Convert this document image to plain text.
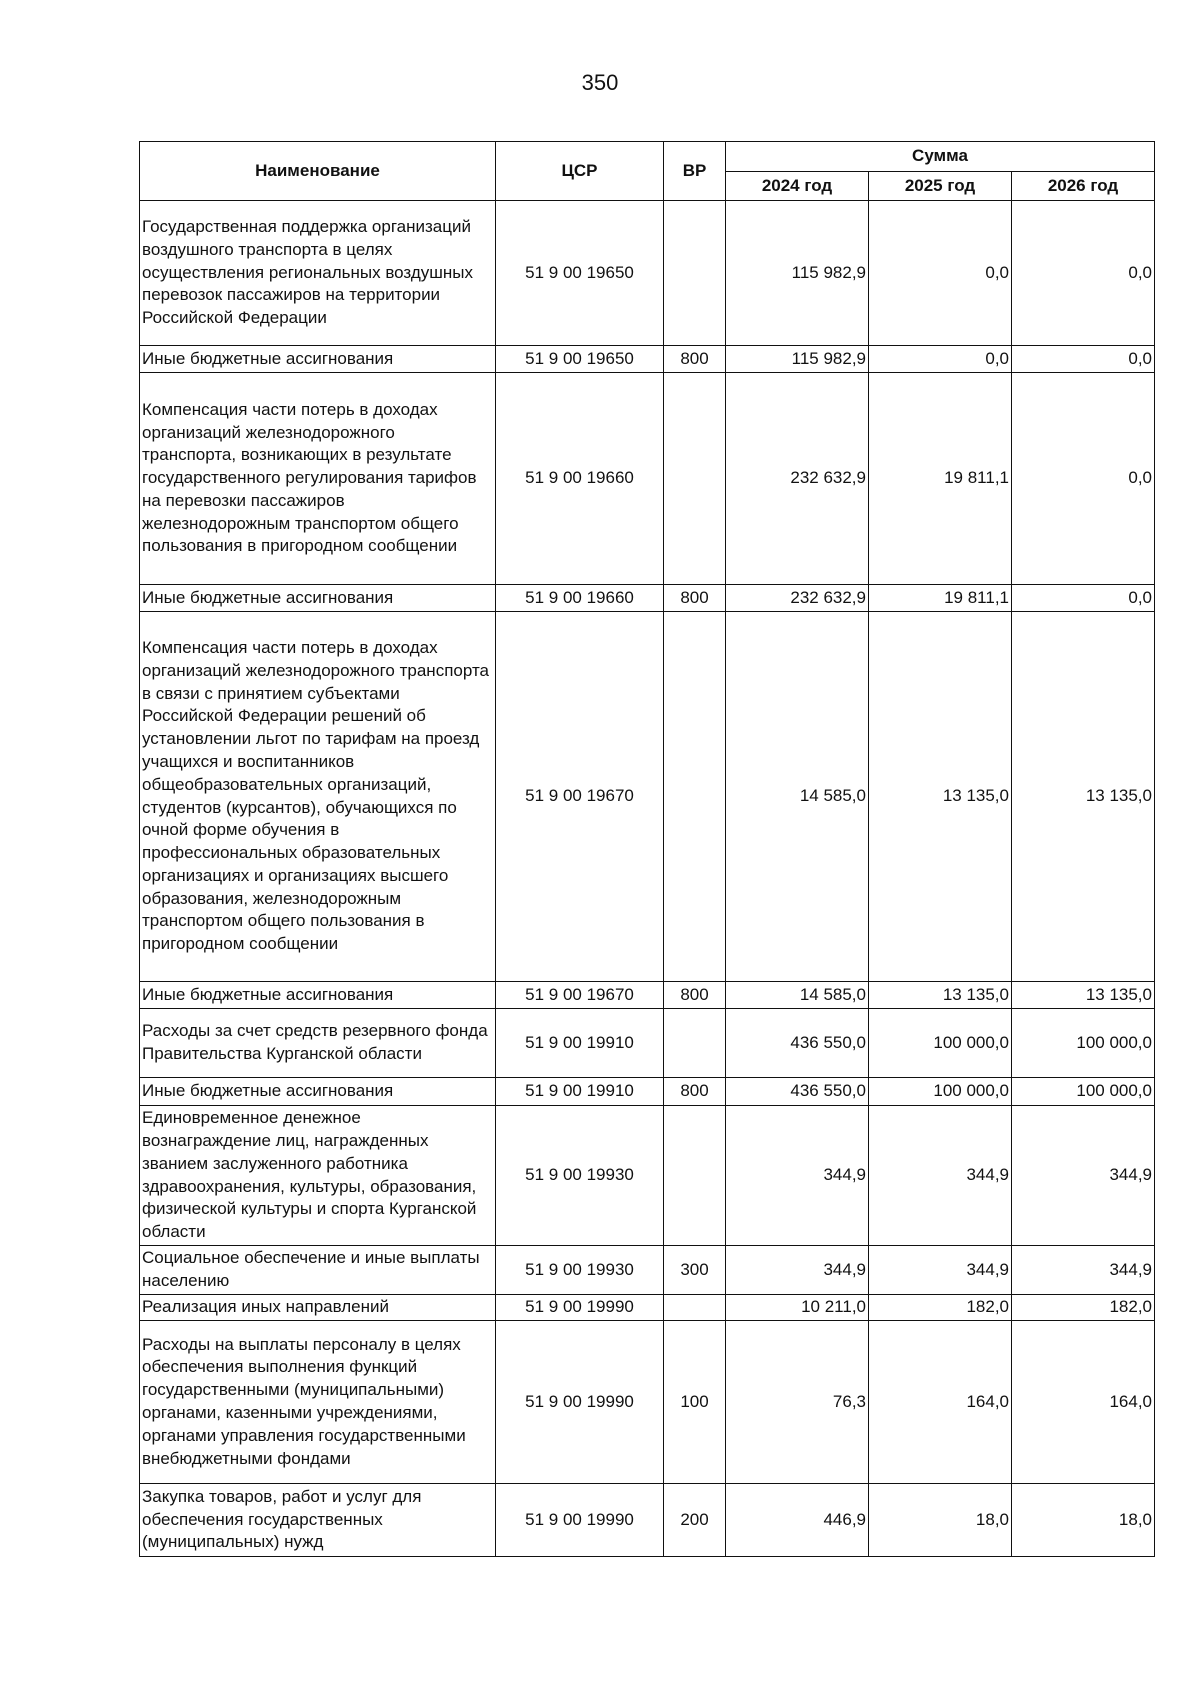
350
Наименование	ЦСР	ВР	Сумма		
			2024 год	2025 год	2026 год
Государственная поддержка организаций воздушного транспорта в целях осуществления региональных воздушных перевозок пассажиров на территории Российской Федерации	51 9 00 19650		115 982,9	0,0	0,0
Иные бюджетные ассигнования	51 9 00 19650	800	115 982,9	0,0	0,0
Компенсация части потерь в доходах организаций железнодорожного транспорта, возникающих в результате государственного регулирования тарифов на перевозки пассажиров железнодорожным транспортом общего пользования в пригородном сообщении	51 9 00 19660		232 632,9	19 811,1	0,0
Иные бюджетные ассигнования	51 9 00 19660	800	232 632,9	19 811,1	0,0
Компенсация части потерь в доходах организаций железнодорожного транспорта в связи с принятием субъектами Российской Федерации решений об установлении льгот по тарифам на проезд учащихся и воспитанников общеобразовательных организаций, студентов (курсантов), обучающихся по очной форме обучения в профессиональных образовательных организациях и организациях высшего образования, железнодорожным транспортом общего пользования в пригородном сообщении	51 9 00 19670		14 585,0	13 135,0	13 135,0
Иные бюджетные ассигнования	51 9 00 19670	800	14 585,0	13 135,0	13 135,0
Расходы за счет средств резервного фонда Правительства Курганской области	51 9 00 19910		436 550,0	100 000,0	100 000,0
Иные бюджетные ассигнования	51 9 00 19910	800	436 550,0	100 000,0	100 000,0
Единовременное денежное вознаграждение лиц, награжденных званием заслуженного работника здравоохранения, культуры, образования, физической культуры и спорта Курганской области	51 9 00 19930		344,9	344,9	344,9
Социальное обеспечение и иные выплаты населению	51 9 00 19930	300	344,9	344,9	344,9
Реализация иных направлений	51 9 00 19990		10 211,0	182,0	182,0
Расходы на выплаты персоналу в целях обеспечения выполнения функций государственными (муниципальными) органами, казенными учреждениями, органами управления государственными внебюджетными фондами	51 9 00 19990	100	76,3	164,0	164,0
Закупка товаров, работ и услуг для обеспечения государственных (муниципальных) нужд	51 9 00 19990	200	446,9	18,0	18,0
